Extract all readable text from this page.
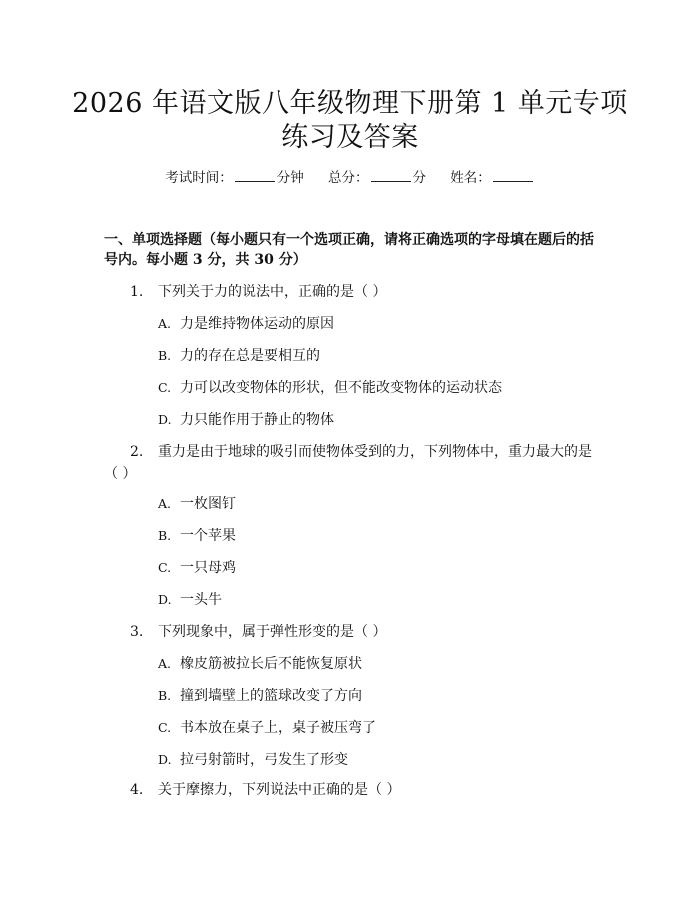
2026 年语文版八年级物理下册第 1 单元专项
练习及答案
考试时间：	分钟 总分：	分 姓名：
一、单项选择题（每小题只有一个选项正确，请将正确选项的字母填在题后的括
号内。每小题 3 分，共 30 分）
1.	下列关于力的说法中，正确的是（ ）
A. 力是维持物体运动的原因
B. 力的存在总是要相互的
C. 力可以改变物体的形状，但不能改变物体的运动状态
D. 力只能作用于静止的物体
2.	重力是由于地球的吸引而使物体受到的力，下列物体中，重力最大的是
（ ）
A. 一枚图钉
B. 一个苹果
C. 一只母鸡
D. 一头牛
3.	下列现象中，属于弹性形变的是（ ）
A. 橡皮筋被拉长后不能恢复原状
B. 撞到墙壁上的篮球改变了方向
C. 书本放在桌子上，桌子被压弯了
D. 拉弓射箭时，弓发生了形变
4.	关于摩擦力，下列说法中正确的是（ ）
